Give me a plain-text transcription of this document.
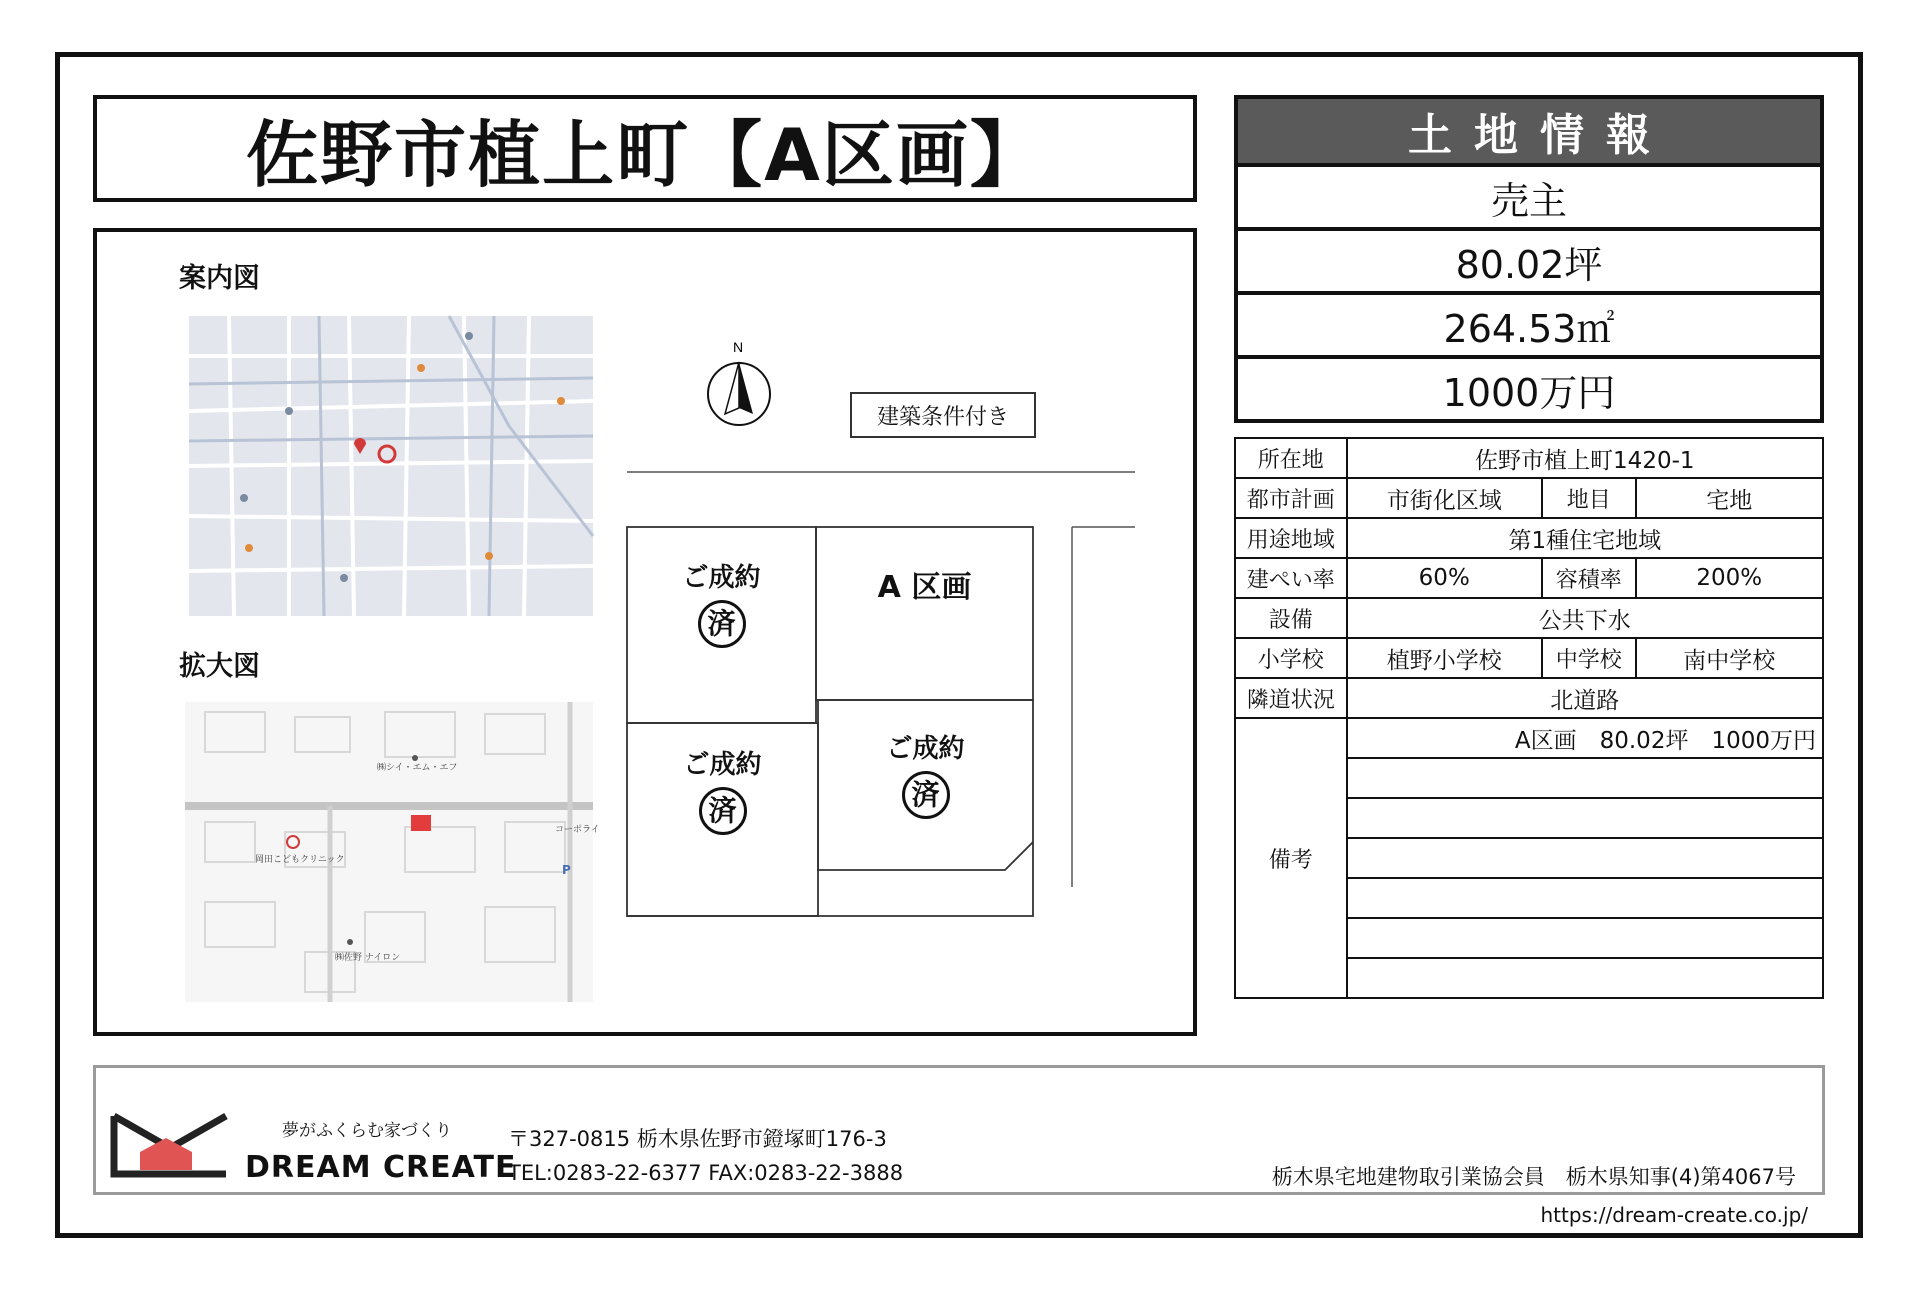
佐野市植上町【A区画】
案内図
拡大図
㈱シイ・エム・エフ
岡田こどもクリニック
㈱佐野 ナイロン
コーポライ
P
N
建築条件付き
ご成約
済
A 区画
ご成約
済
ご成約
済
土地情報
売主
80.02坪
264.53㎡
1000万円
所在地	佐野市植上町1420-1		
都市計画	市街化区域	地目	宅地
用途地域	第1種住宅地域		
建ぺい率	60%	容積率	200%
設備	公共下水		
小学校	植野小学校	中学校	南中学校
隣道状況	北道路		
備考	A区画　80.02坪　1000万円		

夢がふくらむ家づくり
DREAM CREATE
〒327-0815 栃木県佐野市鐙塚町176-3
TEL:0283-22-6377 FAX:0283-22-3888	栃木県宅地建物取引業協会員　栃木県知事(4)第4067号
https://dream-create.co.jp/
